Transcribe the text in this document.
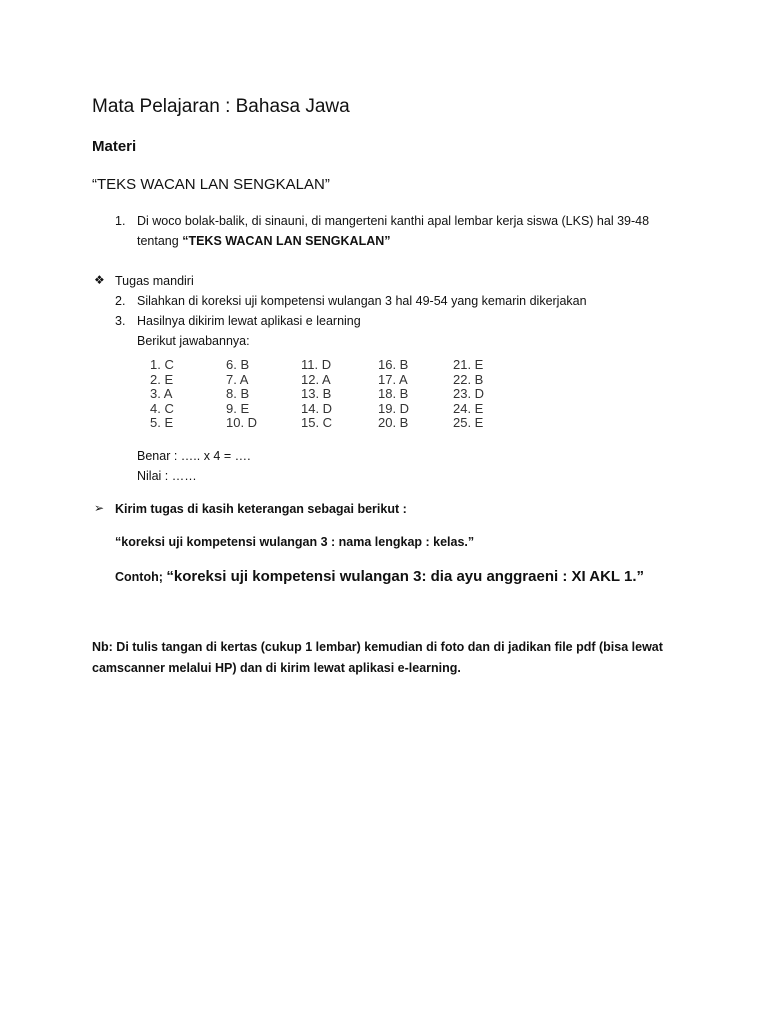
Mata Pelajaran : Bahasa Jawa
Materi
“TEKS WACAN LAN SENGKALAN”
1. Di woco bolak-balik, di sinauni, di mangerteni kanthi apal lembar kerja siswa (LKS) hal 39-48
tentang “TEKS WACAN LAN SENGKALAN”
❖ Tugas mandiri
2. Silahkan di koreksi uji kompetensi wulangan 3 hal 49-54 yang kemarin dikerjakan
3. Hasilnya dikirim lewat aplikasi e learning
Berikut jawabannya:
1. C
2. E
3. A
4. C
5. E
6. B
7. A
8. B
9. E
10. D
11. D
12. A
13. B
14. D
15. C
16. B
17. A
18. B
19. D
20. B
21. E
22. B
23. D
24. E
25. E
Benar : ….. x 4 = ….
Nilai : ……
➢ Kirim tugas di kasih keterangan sebagai berikut :
“koreksi uji kompetensi wulangan 3 : nama lengkap : kelas.”
Contoh; “koreksi uji kompetensi wulangan 3: dia ayu anggraeni : XI AKL 1.”
Nb: Di tulis tangan di kertas (cukup 1 lembar) kemudian di foto dan di jadikan file pdf (bisa lewat
camscanner melalui HP) dan di kirim lewat aplikasi e-learning.
